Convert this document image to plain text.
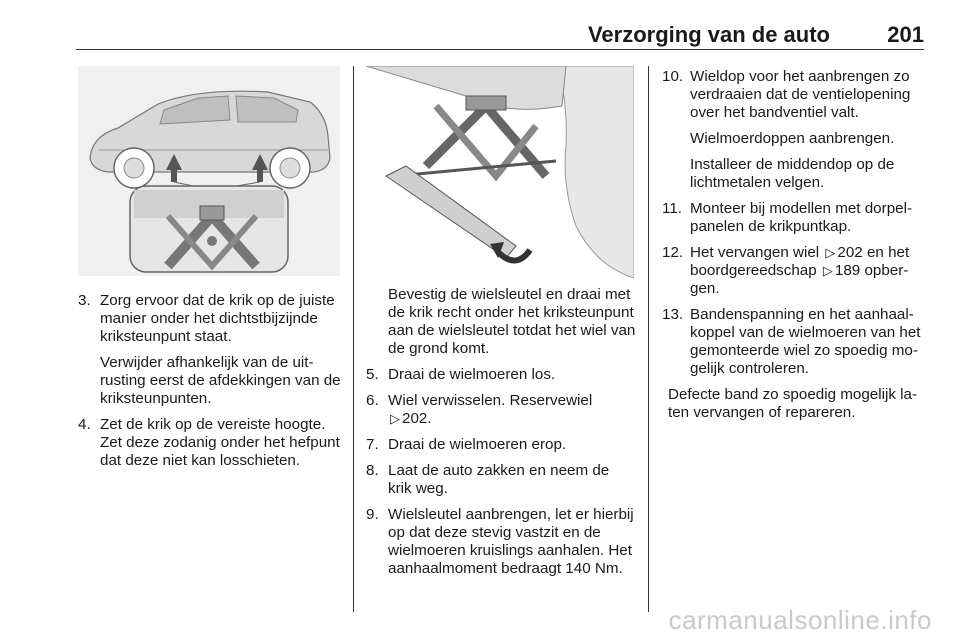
Verzorging van de auto	201
3. Zorg ervoor dat de krik op de juiste manier onder het dichtstbijzijnde kriksteunpunt staat.
Verwijder afhankelijk van de uitrusting eerst de afdekkingen van de kriksteunpunten.
4. Zet de krik op de vereiste hoogte. Zet deze zodanig onder het hefpunt dat deze niet kan losschieten.
Bevestig de wielsleutel en draai met de krik recht onder het kriksteunpunt aan de wielsleutel totdat het wiel van de grond komt.
5. Draai de wielmoeren los.
6. Wiel verwisselen. Reservewiel
▷ 202.
7. Draai de wielmoeren erop.
8. Laat de auto zakken en neem de krik weg.
9. Wielsleutel aanbrengen, let er hierbij op dat deze stevig vastzit en de wielmoeren kruislings aanhalen. Het aanhaalmoment bedraagt 140 Nm.
10. Wieldop voor het aanbrengen zo verdraaien dat de ventielopening over het bandventiel valt.
Wielmoerdoppen aanbrengen.
Installeer de middendop op de lichtmetalen velgen.
11. Monteer bij modellen met dorpelpanelen de krikpuntkap.
12. Het vervangen wiel ▷ 202 en het boordgereedschap ▷ 189 opbergen.
13. Bandenspanning en het aanhaalkoppel van de wielmoeren van het gemonteerde wiel zo spoedig mogelijk controleren.
Defecte band zo spoedig mogelijk laten vervangen of repareren.
carmanualsonline.info
